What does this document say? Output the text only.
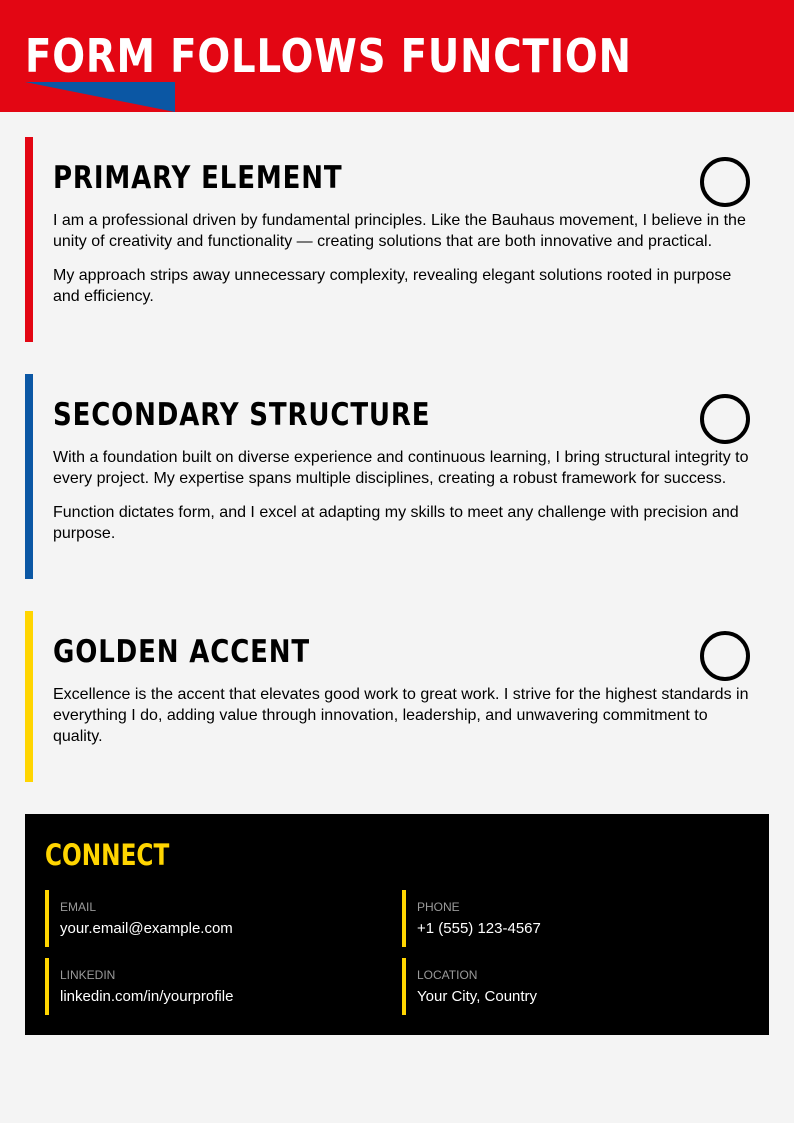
FORM FOLLOWS FUNCTION
PRIMARY ELEMENT

I am a professional driven by fundamental principles. Like the Bauhaus movement, I believe in the unity of creativity and functionality — creating solutions that are both innovative and practical.

My approach strips away unnecessary complexity, revealing elegant solutions rooted in purpose and efficiency.

SECONDARY STRUCTURE

With a foundation built on diverse experience and continuous learning, I bring structural integrity to every project. My expertise spans multiple disciplines, creating a robust framework for success.

Function dictates form, and I excel at adapting my skills to meet any challenge with precision and purpose.

GOLDEN ACCENT

Excellence is the accent that elevates good work to great work. I strive for the highest standards in everything I do, adding value through innovation, leadership, and unwavering commitment to quality.

CONNECT
EMAIL
your.email@example.com
PHONE
+1 (555) 123-4567
LINKEDIN
linkedin.com/in/yourprofile
LOCATION
Your City, Country
